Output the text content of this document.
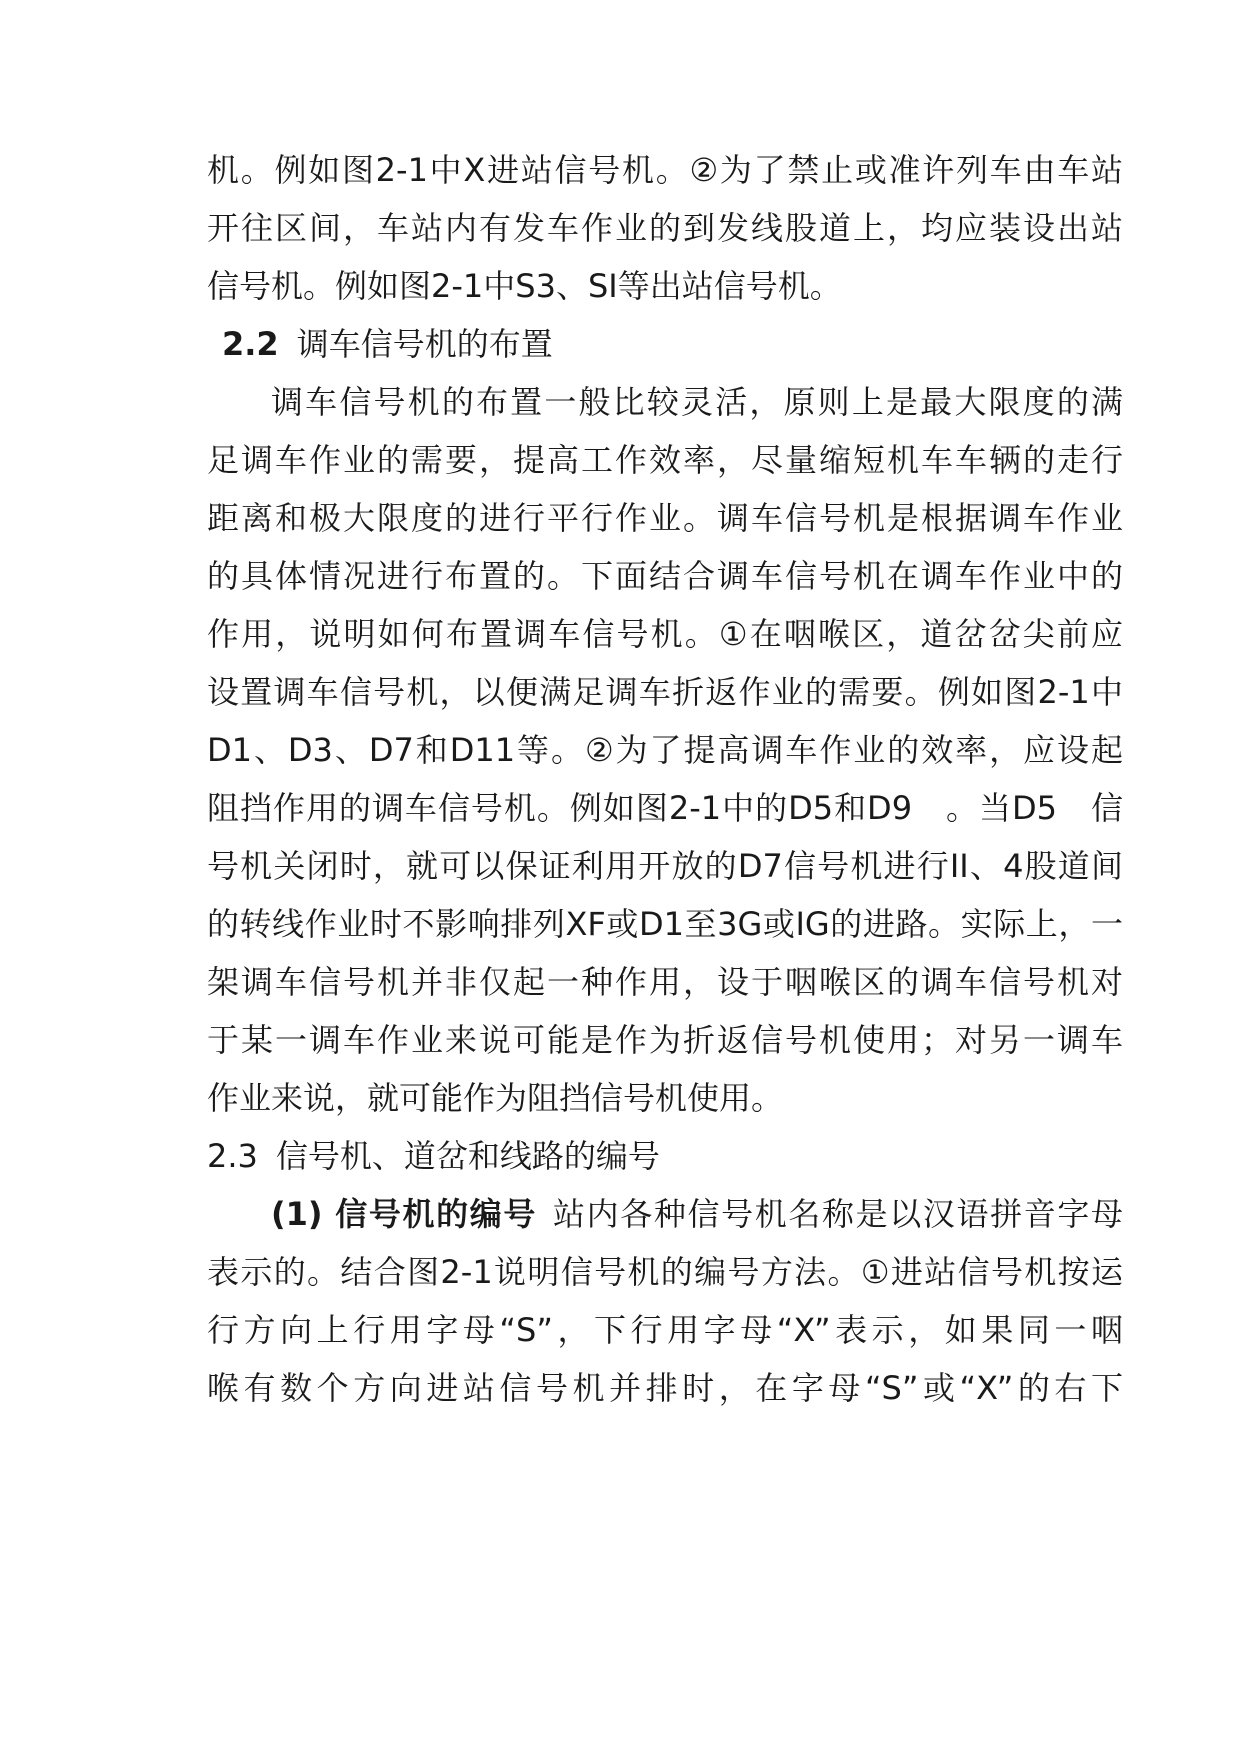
机。例如图2-1中X进站信号机。②为了禁止或准许列车由车站
开往区间，车站内有发车作业的到发线股道上，均应装设出站
信号机。例如图2-1中S3、SI等出站信号机。
2.2 调车信号机的布置
调车信号机的布置一般比较灵活，原则上是最大限度的满
足调车作业的需要，提高工作效率，尽量缩短机车车辆的走行
距离和极大限度的进行平行作业。调车信号机是根据调车作业
的具体情况进行布置的。下面结合调车信号机在调车作业中的
作用，说明如何布置调车信号机。①在咽喉区，道岔岔尖前应
设置调车信号机，以便满足调车折返作业的需要。例如图2-1中
D1、D3、D7和D11等。②为了提高调车作业的效率，应设起
阻挡作用的调车信号机。例如图2-1中的D5和D9　。当D5　信
号机关闭时，就可以保证利用开放的D7信号机进行II、4股道间
的转线作业时不影响排列XF或D1至3G或IG的进路。实际上，一
架调车信号机并非仅起一种作用，设于咽喉区的调车信号机对
于某一调车作业来说可能是作为折返信号机使用；对另一调车
作业来说，就可能作为阻挡信号机使用。
2.3 信号机、道岔和线路的编号
(1) 信号机的编号 站内各种信号机名称是以汉语拼音字母
表示的。结合图2-1说明信号机的编号方法。①进站信号机按运
行方向上行用字母“S”，下行用字母“X”表示，如果同一咽
喉有数个方向进站信号机并排时，在字母“S”或“X”的右下
